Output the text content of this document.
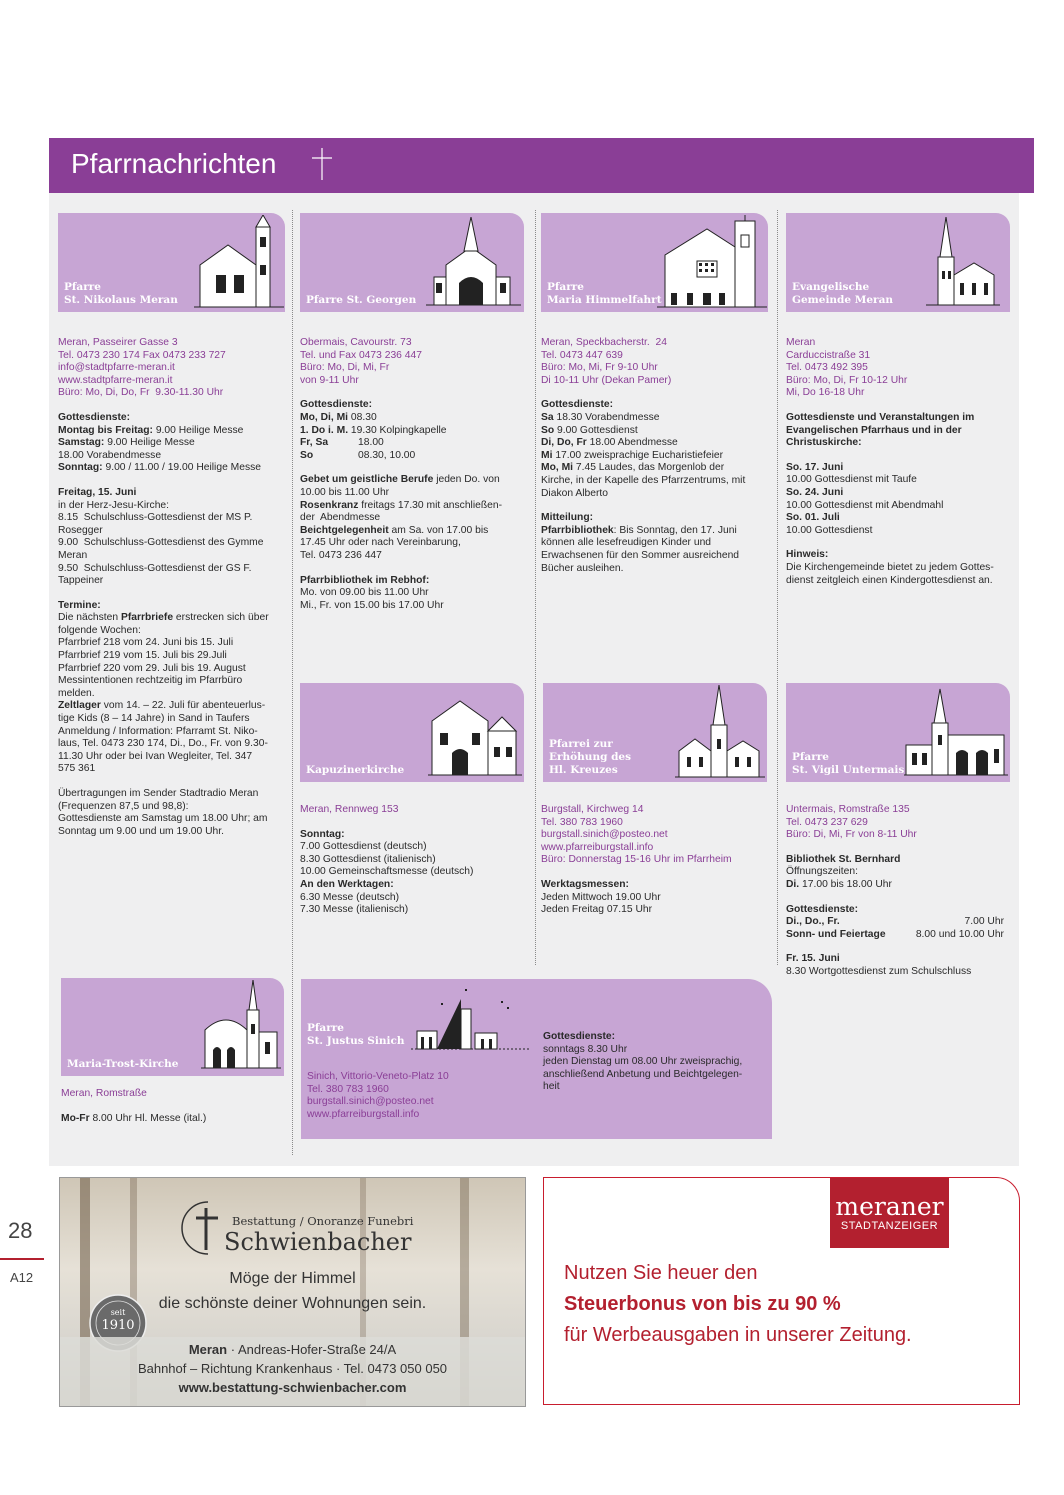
Pfarrnachrichten
Pfarre
St. Nikolaus Meran	Pfarre St. Georgen
Pfarre
Maria Himmelfahrt
Evangelische
Gemeinde Meran
Meran, Passeirer Gasse 3
Tel. 0473 230 174 Fax 0473 233 727
info@stadtpfarre-meran.it
www.stadtpfarre-meran.it
Büro: Mo, Di, Do, Fr  9.30-11.30 Uhr
Gottesdienste:
Montag bis Freitag: 9.00 Heilige Messe
Samstag: 9.00 Heilige Messe
18.00 Vorabendmesse
Sonntag: 9.00 / 11.00 / 19.00 Heilige Messe
Freitag, 15. Juni
in der Herz-Jesu-Kirche:
8.15  Schulschluss-Gottesdienst der MS P.
Rosegger
9.00  Schulschluss-Gottesdienst des Gymme
Meran
9.50  Schulschluss-Gottesdienst der GS F.
Tappeiner
Termine:
Die nächsten Pfarrbriefe erstrecken sich über
folgende Wochen:
Pfarrbrief 218 vom 24. Juni bis 15. Juli
Pfarrbrief 219 vom 15. Juli bis 29.Juli
Pfarrbrief 220 vom 29. Juli bis 19. August
Messintentionen rechtzeitig im Pfarrbüro
melden.
Zeltlager vom 14. – 22. Juli für abenteuerlus-
tige Kids (8 – 14 Jahre) in Sand in Taufers
Anmeldung / Information: Pfarramt St. Niko-
laus, Tel. 0473 230 174, Di., Do., Fr. von 9.30-
11.30 Uhr oder bei Ivan Wegleiter, Tel. 347
575 361
Übertragungen im Sender Stadtradio Meran
(Frequenzen 87,5 und 98,8):
Gottesdienste am Samstag um 18.00 Uhr; am
Sonntag um 9.00 und um 19.00 Uhr.
Obermais, Cavourstr. 73
Tel. und Fax 0473 236 447
Büro: Mo, Di, Mi, Fr
von 9-11 Uhr
Gottesdienste:
Mo, Di, Mi 08.30
1. Do i. M. 19.30 Kolpingkapelle
Fr, Sa	18.00
So	08.30, 10.00
Gebet um geistliche Berufe jeden Do. von
10.00 bis 11.00 Uhr
Rosenkranz freitags 17.30 mit anschließen-
der  Abendmesse
Beichtgelegenheit am Sa. von 17.00 bis
17.45 Uhr oder nach Vereinbarung,
Tel. 0473 236 447
Pfarrbibliothek im Rebhof:
Mo. von 09.00 bis 11.00 Uhr
Mi., Fr. von 15.00 bis 17.00 Uhr
Meran, Speckbacherstr.  24
Tel. 0473 447 639
Büro: Mo, Mi, Fr 9-10 Uhr
Di 10-11 Uhr (Dekan Pamer)
Gottesdienste:
Sa 18.30 Vorabendmesse
So 9.00 Gottesdienst
Di, Do, Fr 18.00 Abendmesse
Mi 17.00 zweisprachige Eucharistiefeier
Mo, Mi 7.45 Laudes, das Morgenlob der
Kirche, in der Kapelle des Pfarrzentrums, mit
Diakon Alberto
Mitteilung:
Pfarrbibliothek: Bis Sonntag, den 17. Juni
können alle lesefreudigen Kinder und
Erwachsenen für den Sommer ausreichend
Bücher ausleihen.
Meran
Carduccistraße 31
Tel. 0473 492 395
Büro: Mo, Di, Fr 10-12 Uhr
Mi, Do 16-18 Uhr
Gottesdienste und Veranstaltungen im
Evangelischen Pfarrhaus und in der
Christuskirche:
So. 17. Juni
10.00 Gottesdienst mit Taufe
So. 24. Juni
10.00 Gottesdienst mit Abendmahl
So. 01. Juli
10.00 Gottesdienst
Hinweis:
Die Kirchengemeinde bietet zu jedem Gottes-
dienst zeitgleich einen Kindergottesdienst an.
Kapuzinerkirche
Pfarrei zur
Erhöhung des
Hl. Kreuzes
Pfarre
St. Vigil Untermais
Meran, Rennweg 153
Sonntag:
7.00 Gottesdienst (deutsch)
8.30 Gottesdienst (italienisch)
10.00 Gemeinschaftsmesse (deutsch)
An den Werktagen:
6.30 Messe (deutsch)
7.30 Messe (italienisch)
Burgstall, Kirchweg 14
Tel. 380 783 1960
burgstall.sinich@posteo.net
www.pfarreiburgstall.info
Büro: Donnerstag 15-16 Uhr im Pfarrheim
Werktagsmessen:
Jeden Mittwoch 19.00 Uhr
Jeden Freitag 07.15 Uhr
Untermais, Romstraße 135
Tel. 0473 237 629
Büro: Di, Mi, Fr von 8-11 Uhr
Bibliothek St. Bernhard
Öffnungszeiten:
Di. 17.00 bis 18.00 Uhr
Gottesdienste:
Di., Do., Fr.	7.00 Uhr
Sonn- und Feiertage	8.00 und 10.00 Uhr
Fr. 15. Juni
8.30 Wortgottesdienst zum Schulschluss
Maria-Trost-Kirche
Meran, Romstraße
Mo-Fr 8.00 Uhr Hl. Messe (ital.)
Pfarre
St. Justus Sinich
Sinich, Vittorio-Veneto-Platz 10
Tel. 380 783 1960
burgstall.sinich@posteo.net
www.pfarreiburgstall.info
Gottesdienste:
sonntags 8.30 Uhr
jeden Dienstag um 08.00 Uhr zweisprachig,
anschließend Anbetung und Beichtgelegen-
heit
28
A12
Bestattung / Onoranze Funebri
Schwienbacher
seit
1910
Möge der Himmel
die schönste deiner Wohnungen sein.
Meran · Andreas-Hofer-Straße 24/A
Bahnhof – Richtung Krankenhaus · Tel. 0473 050 050
www.bestattung-schwienbacher.com
meraner
STADTANZEIGER
Nutzen Sie heuer den
Steuerbonus von bis zu 90 %
für Werbeausgaben in unserer Zeitung.
